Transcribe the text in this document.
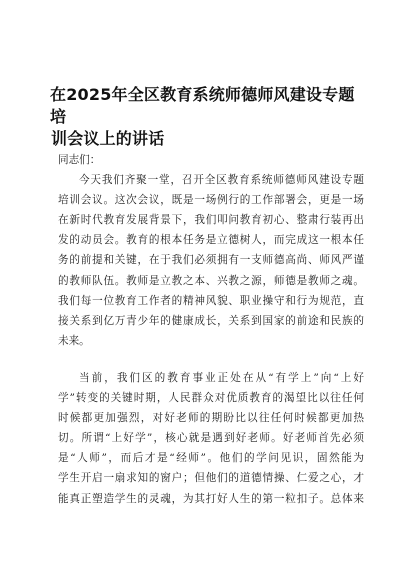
在2025年全区教育系统师德师风建设专题培
训会议上的讲话

同志们：

今天我们齐聚一堂，召开全区教育系统师德师风建设专题
培训会议。这次会议，既是一场例行的工作部署会，更是一场
在新时代教育发展背景下，我们叩问教育初心、整肃行装再出
发的动员会。教育的根本任务是立德树人，而完成这一根本任
务的前提和关键，在于我们必须拥有一支师德高尚、师风严谨
的教师队伍。教师是立教之本、兴教之源，师德是教师之魂。
我们每一位教育工作者的精神风貌、职业操守和行为规范，直
接关系到亿万青少年的健康成长，关系到国家的前途和民族的
未来。
当前，我们区的教育事业正处在从“有学上”向“上好
学”转变的关键时期，人民群众对优质教育的渴望比以往任何
时候都更加强烈，对好老师的期盼比以往任何时候都更加热
切。所谓“上好学”，核心就是遇到好老师。好老师首先必须
是“人师”，而后才是“经师”。他们的学问见识，固然能为
学生开启一扇求知的窗户；但他们的道德情操、仁爱之心，才
能真正塑造学生的灵魂，为其打好人生的第一粒扣子。总体来
